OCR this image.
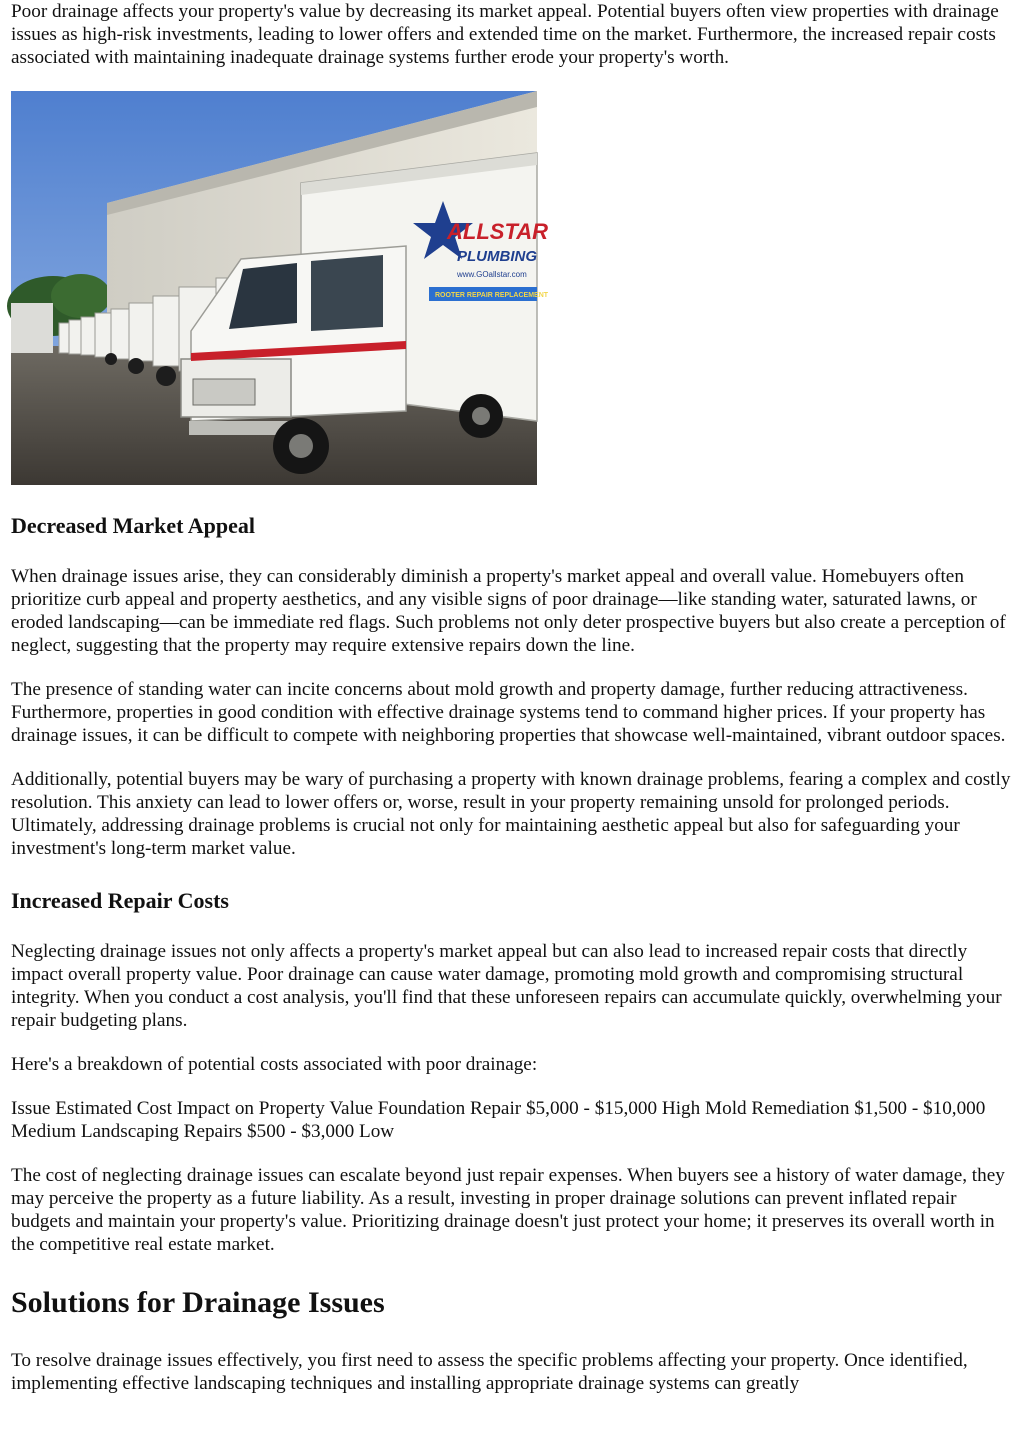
Poor drainage affects your property's value by decreasing its market appeal. Potential buyers often view properties with drainage issues as high-risk investments, leading to lower offers and extended time on the market. Furthermore, the increased repair costs associated with maintaining inadequate drainage systems further erode your property's worth.

ALLSTAR
PLUMBING
www.GOallstar.com
ROOTER REPAIR REPLACEMENT
Decreased Market Appeal

When drainage issues arise, they can considerably diminish a property's market appeal and overall value. Homebuyers often prioritize curb appeal and property aesthetics, and any visible signs of poor drainage—like standing water, saturated lawns, or eroded landscaping—can be immediate red flags. Such problems not only deter prospective buyers but also create a perception of neglect, suggesting that the property may require extensive repairs down the line.

The presence of standing water can incite concerns about mold growth and property damage, further reducing attractiveness. Furthermore, properties in good condition with effective drainage systems tend to command higher prices. If your property has drainage issues, it can be difficult to compete with neighboring properties that showcase well-maintained, vibrant outdoor spaces.

Additionally, potential buyers may be wary of purchasing a property with known drainage problems, fearing a complex and costly resolution. This anxiety can lead to lower offers or, worse, result in your property remaining unsold for prolonged periods. Ultimately, addressing drainage problems is crucial not only for maintaining aesthetic appeal but also for safeguarding your investment's long-term market value.

Increased Repair Costs

Neglecting drainage issues not only affects a property's market appeal but can also lead to increased repair costs that directly impact overall property value. Poor drainage can cause water damage, promoting mold growth and compromising structural integrity. When you conduct a cost analysis, you'll find that these unforeseen repairs can accumulate quickly, overwhelming your repair budgeting plans.

Here's a breakdown of potential costs associated with poor drainage:

Issue Estimated Cost Impact on Property Value Foundation Repair $5,000 - $15,000 High Mold Remediation $1,500 - $10,000 Medium Landscaping Repairs $500 - $3,000 Low

The cost of neglecting drainage issues can escalate beyond just repair expenses. When buyers see a history of water damage, they may perceive the property as a future liability. As a result, investing in proper drainage solutions can prevent inflated repair budgets and maintain your property's value. Prioritizing drainage doesn't just protect your home; it preserves its overall worth in the competitive real estate market.

Solutions for Drainage Issues

To resolve drainage issues effectively, you first need to assess the specific problems affecting your property. Once identified, implementing effective landscaping techniques and installing appropriate drainage systems can greatly
